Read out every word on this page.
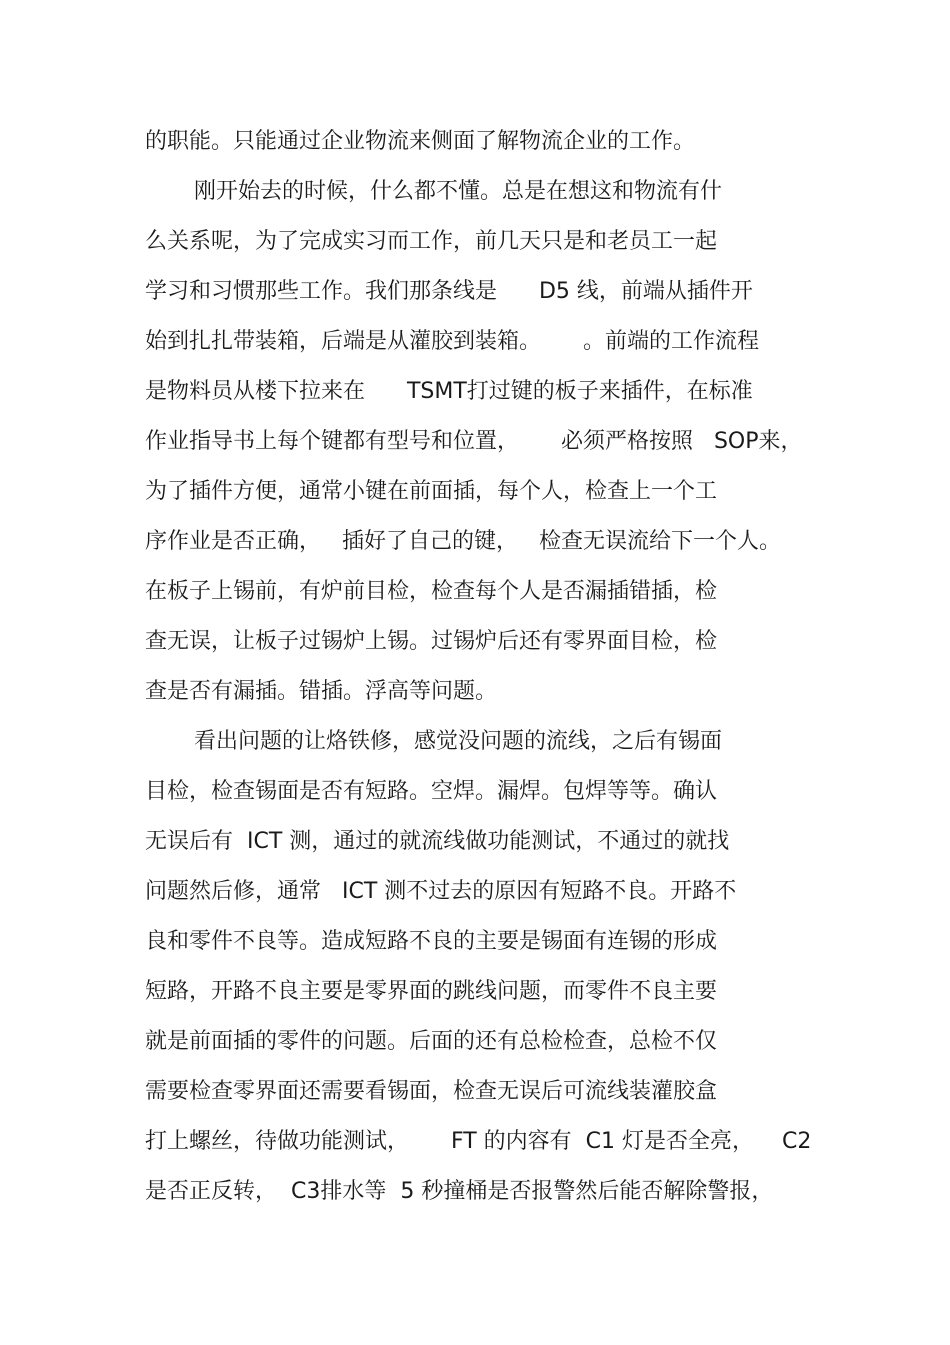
的职能。只能通过企业物流来侧面了解物流企业的工作。
刚开始去的时候，什么都不懂。总是在想这和物流有什
么关系呢，为了完成实习而工作，前几天只是和老员工一起
学习和习惯那些工作。我们那条线是      D5 线，前端从插件开
始到扎扎带装箱，后端是从灌胶到装箱。      。前端的工作流程
是物料员从楼下拉来在      TSMT打过键的板子来插件，在标准
作业指导书上每个键都有型号和位置，      必须严格按照   SOP来，
为了插件方便，通常小键在前面插，每个人，检查上一个工
序作业是否正确，   插好了自己的键，   检查无误流给下一个人。
在板子上锡前，有炉前目检，检查每个人是否漏插错插，检
查无误，让板子过锡炉上锡。过锡炉后还有零界面目检，检
查是否有漏插。错插。浮高等问题。
看出问题的让烙铁修，感觉没问题的流线，之后有锡面
目检，检查锡面是否有短路。空焊。漏焊。包焊等等。确认
无误后有  ICT 测，通过的就流线做功能测试，不通过的就找
问题然后修，通常   ICT 测不过去的原因有短路不良。开路不
良和零件不良等。造成短路不良的主要是锡面有连锡的形成
短路，开路不良主要是零界面的跳线问题，而零件不良主要
就是前面插的零件的问题。后面的还有总检检查，总检不仅
需要检查零界面还需要看锡面，检查无误后可流线装灌胶盒
打上螺丝，待做功能测试，      FT 的内容有  C1 灯是否全亮，    C2
是否正反转，  C3排水等  5 秒撞桶是否报警然后能否解除警报，
